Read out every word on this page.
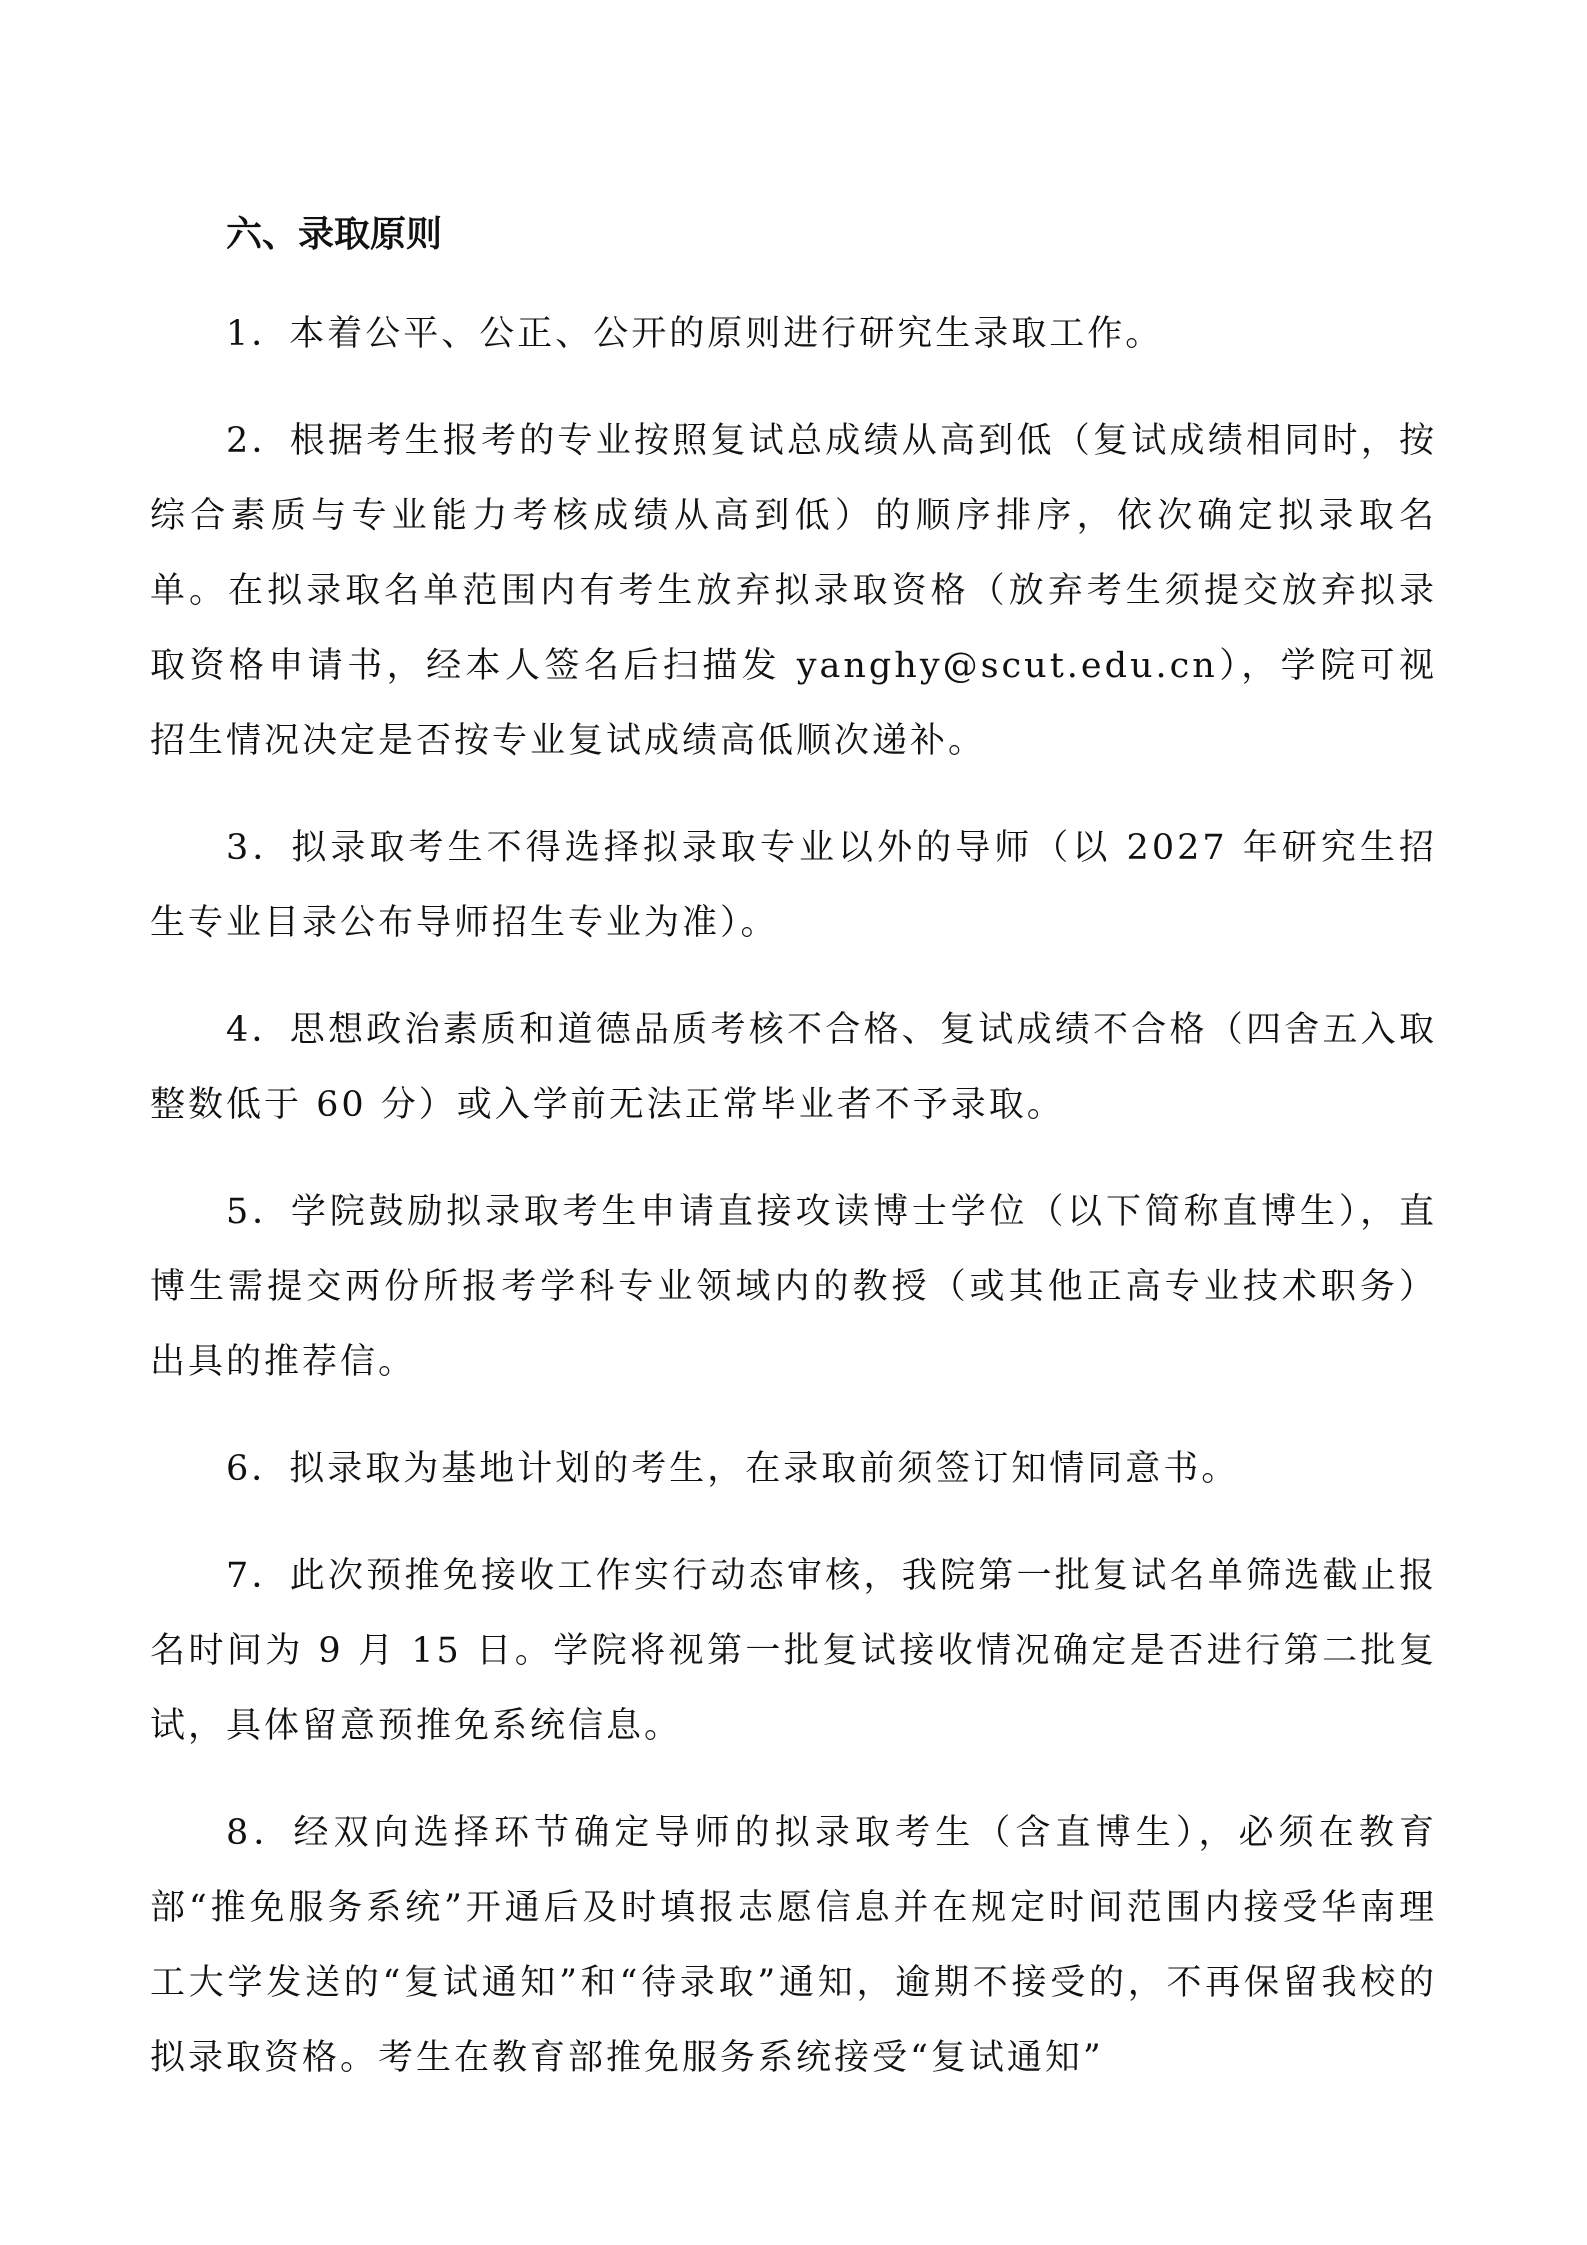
六、录取原则

1．本着公平、公正、公开的原则进行研究生录取工作。

2．根据考生报考的专业按照复试总成绩从高到低（复试成绩相同时，按综合素质与专业能力考核成绩从高到低）的顺序排序，依次确定拟录取名单。在拟录取名单范围内有考生放弃拟录取资格（放弃考生须提交放弃拟录取资格申请书，经本人签名后扫描发 yanghy@scut.edu.cn），学院可视招生情况决定是否按专业复试成绩高低顺次递补。

3．拟录取考生不得选择拟录取专业以外的导师（以 2027 年研究生招生专业目录公布导师招生专业为准）。

4．思想政治素质和道德品质考核不合格、复试成绩不合格（四舍五入取整数低于 60 分）或入学前无法正常毕业者不予录取。

5．学院鼓励拟录取考生申请直接攻读博士学位（以下简称直博生），直博生需提交两份所报考学科专业领域内的教授（或其他正高专业技术职务）出具的推荐信。

6．拟录取为基地计划的考生，在录取前须签订知情同意书。

7．此次预推免接收工作实行动态审核，我院第一批复试名单筛选截止报名时间为 9 月 15 日。学院将视第一批复试接收情况确定是否进行第二批复试，具体留意预推免系统信息。

8．经双向选择环节确定导师的拟录取考生（含直博生），必须在教育部“推免服务系统”开通后及时填报志愿信息并在规定时间范围内接受华南理工大学发送的“复试通知”和“待录取”通知，逾期不接受的，不再保留我校的拟录取资格。考生在教育部推免服务系统接受“复试通知”
